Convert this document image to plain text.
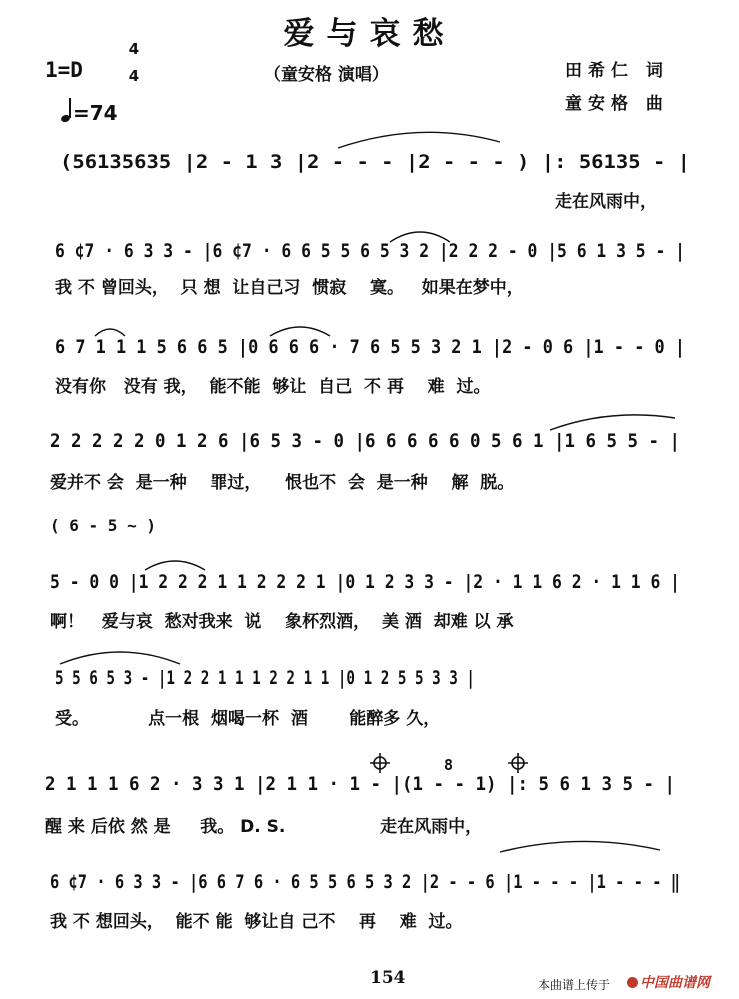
爱与哀愁
（童安格 演唱）	田希仁 词
童安格 曲
1=D
4
4
=74
(56135635 |2 - 1 3 |2 - - - |2 - - - ) |: 56135 - |
6 ¢7 · 6 3 3 - |6 ¢7 · 6 6 5 5 6 5 3 2 |2 2 2 - 0 |5 6 1 3 5 - |
6 7 1 1 1 5 6 6 5 |0 6 6 6 · 7 6 5 5 3 2 1 |2 - 0 6 |1 - - 0 |
2 2 2 2 2 0 1 2 6 |6 5 3 - 0 |6 6 6 6 6 0 5 6 1 |1 6 5 5 - |
( 6 - 5 ~ )
5 - 0 0 |1 2 2 2 1 1 2 2 2 1 |0 1 2 3 3 - |2 · 1 1 6 2 · 1 1 6 |
5 5 6 5 3 - |1 2 2 1 1 1 2 2 1 1 |0 1 2 5 5 3 3 |
2 1 1 1 6 2 · 3 3 1 |2 1 1 · 1 - |(1 - - 1) |: 5 6 1 3 5 - |
8
6 ¢7 · 6 3 3 - |6 6 7 6 · 6 5 5 6 5 3 2 |2 - - 6 |1 - - - |1 - - - ‖
走在风雨中，
我 不 曾回头，  只 想  让自己习  惯寂    寞。   如果在梦中，
没有你   没有 我，  能不能  够让  自己  不 再    难  过。
爱并不 会  是一种    罪过，    恨也不  会  是一种    解  脱。
啊！   爱与哀  愁对我来  说    象杯烈酒，  美 酒  却难 以 承
受。          点一根  烟喝一杯  酒       能醉多 久，
醒 来 后依 然 是     我。 D. S.                走在风雨中，
我 不 想回头，  能不 能  够让自 己不    再    难  过。
154	本曲谱上传于	中国曲谱网
